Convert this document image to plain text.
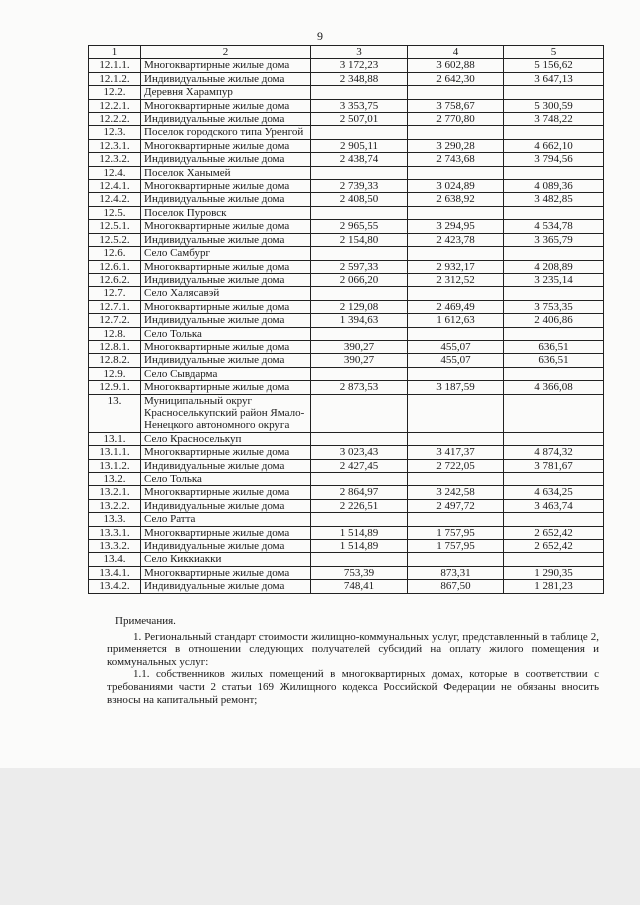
9
1	2	3	4	5
12.1.1.	Многоквартирные жилые дома	3 172,23	3 602,88	5 156,62
12.1.2.	Индивидуальные жилые дома	2 348,88	2 642,30	3 647,13
12.2.	Деревня Харампур			
12.2.1.	Многоквартирные жилые дома	3 353,75	3 758,67	5 300,59
12.2.2.	Индивидуальные жилые дома	2 507,01	2 770,80	3 748,22
12.3.	Поселок городского типа Уренгой			
12.3.1.	Многоквартирные жилые дома	2 905,11	3 290,28	4 662,10
12.3.2.	Индивидуальные жилые дома	2 438,74	2 743,68	3 794,56
12.4.	Поселок Ханымей			
12.4.1.	Многоквартирные жилые дома	2 739,33	3 024,89	4 089,36
12.4.2.	Индивидуальные жилые дома	2 408,50	2 638,92	3 482,85
12.5.	Поселок Пуровск			
12.5.1.	Многоквартирные жилые дома	2 965,55	3 294,95	4 534,78
12.5.2.	Индивидуальные жилые дома	2 154,80	2 423,78	3 365,79
12.6.	Село Самбург			
12.6.1.	Многоквартирные жилые дома	2 597,33	2 932,17	4 208,89
12.6.2.	Индивидуальные жилые дома	2 066,20	2 312,52	3 235,14
12.7.	Село Халясавэй			
12.7.1.	Многоквартирные жилые дома	2 129,08	2 469,49	3 753,35
12.7.2.	Индивидуальные жилые дома	1 394,63	1 612,63	2 406,86
12.8.	Село Толька			
12.8.1.	Многоквартирные жилые дома	390,27	455,07	636,51
12.8.2.	Индивидуальные жилые дома	390,27	455,07	636,51
12.9.	Село Сывдарма			
12.9.1.	Многоквартирные жилые дома	2 873,53	3 187,59	4 366,08
13.	Муниципальный округ Красноселькупский район Ямало-Ненецкого автономного округа			
13.1.	Село Красноселькуп			
13.1.1.	Многоквартирные жилые дома	3 023,43	3 417,37	4 874,32
13.1.2.	Индивидуальные жилые дома	2 427,45	2 722,05	3 781,67
13.2.	Село Толька			
13.2.1.	Многоквартирные жилые дома	2 864,97	3 242,58	4 634,25
13.2.2.	Индивидуальные жилые дома	2 226,51	2 497,72	3 463,74
13.3.	Село Ратта			
13.3.1.	Многоквартирные жилые дома	1 514,89	1 757,95	2 652,42
13.3.2.	Индивидуальные жилые дома	1 514,89	1 757,95	2 652,42
13.4.	Село Киккиакки			
13.4.1.	Многоквартирные жилые дома	753,39	873,31	1 290,35
13.4.2.	Индивидуальные жилые дома	748,41	867,50	1 281,23

Примечания.

1. Региональный стандарт стоимости жилищно-коммунальных услуг, представленный в таблице 2, применяется в отношении следующих получателей субсидий на оплату жилого помещения и коммунальных услуг:

1.1. собственников жилых помещений в многоквартирных домах, которые в соответствии с требованиями части 2 статьи 169 Жилищного кодекса Российской Федерации не обязаны вносить взносы на капитальный ремонт;
